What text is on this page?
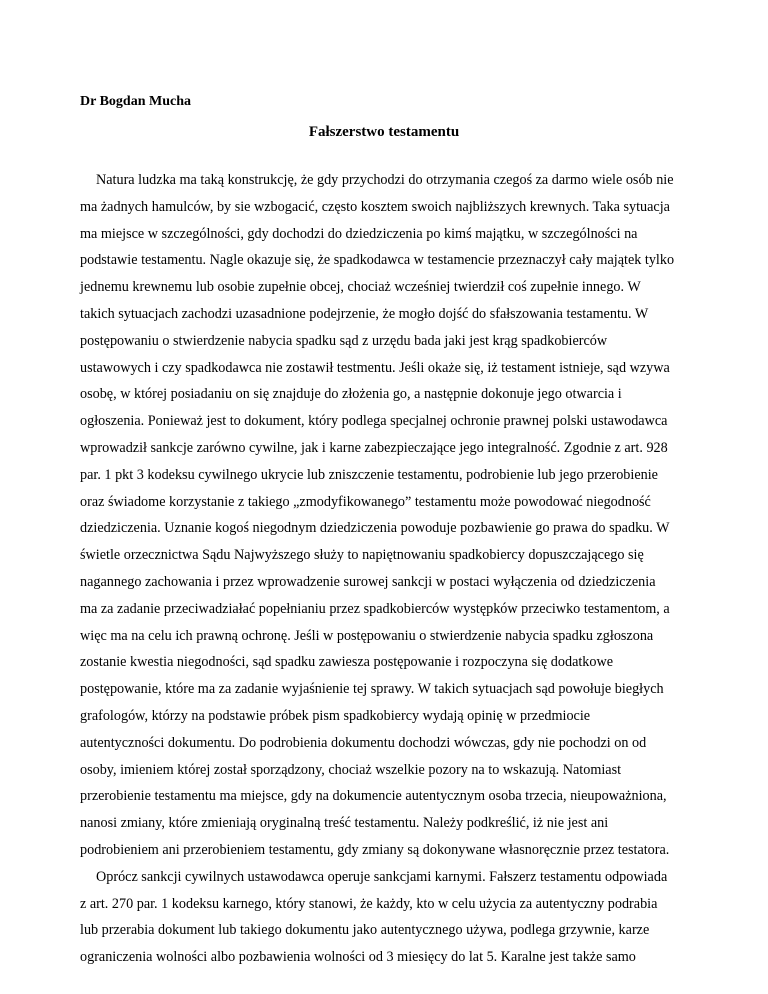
Dr Bogdan Mucha
Fałszerstwo testamentu
Natura ludzka ma taką konstrukcję, że gdy przychodzi do otrzymania czegoś za darmo wiele osób nie
ma żadnych hamulców, by sie wzbogacić, często kosztem swoich najbliższych krewnych. Taka sytuacja
ma miejsce w szczególności, gdy dochodzi do dziedziczenia po kimś majątku, w szczególności na
podstawie testamentu. Nagle okazuje się, że spadkodawca w testamencie przeznaczył cały majątek tylko
jednemu krewnemu lub osobie zupełnie obcej, chociaż wcześniej twierdził coś zupełnie innego. W
takich sytuacjach zachodzi uzasadnione podejrzenie, że mogło dojść do sfałszowania testamentu. W
postępowaniu o stwierdzenie nabycia spadku sąd z urzędu bada jaki jest krąg spadkobierców
ustawowych i czy spadkodawca nie zostawił testmentu. Jeśli okaże się, iż testament istnieje, sąd wzywa
osobę, w której posiadaniu on się znajduje do złożenia go, a następnie dokonuje jego otwarcia i
ogłoszenia. Ponieważ jest to dokument, który podlega specjalnej ochronie prawnej polski ustawodawca
wprowadził sankcje zarówno cywilne, jak i karne zabezpieczające jego integralność. Zgodnie z art. 928
par. 1 pkt 3 kodeksu cywilnego ukrycie lub zniszczenie testamentu, podrobienie lub jego przerobienie
oraz świadome korzystanie z takiego „zmodyfikowanego” testamentu może powodować niegodność
dziedziczenia. Uznanie kogoś niegodnym dziedziczenia powoduje pozbawienie go prawa do spadku. W
świetle orzecznictwa Sądu Najwyższego służy to napiętnowaniu spadkobiercy dopuszczającego się
nagannego zachowania i przez wprowadzenie surowej sankcji w postaci wyłączenia od dziedziczenia
ma za zadanie przeciwadziałać popełnianiu przez spadkobierców występków przeciwko testamentom, a
więc ma na celu ich prawną ochronę. Jeśli w postępowaniu o stwierdzenie nabycia spadku zgłoszona
zostanie kwestia niegodności, sąd spadku zawiesza postępowanie i rozpoczyna się dodatkowe
postępowanie, które ma za zadanie wyjaśnienie tej sprawy. W takich sytuacjach sąd powołuje biegłych
grafologów, którzy na podstawie próbek pism spadkobiercy wydają opinię w przedmiocie
autentyczności dokumentu. Do podrobienia dokumentu dochodzi wówczas, gdy nie pochodzi on od
osoby, imieniem której został sporządzony, chociaż wszelkie pozory na to wskazują. Natomiast
przerobienie testamentu ma miejsce, gdy na dokumencie autentycznym osoba trzecia, nieupoważniona,
nanosi zmiany, które zmieniają oryginalną treść testamentu. Należy podkreślić, iż nie jest ani
podrobieniem ani przerobieniem testamentu, gdy zmiany są dokonywane własnoręcznie przez testatora.
Oprócz sankcji cywilnych ustawodawca operuje sankcjami karnymi. Fałszerz testamentu odpowiada
z art. 270 par. 1 kodeksu karnego, który stanowi, że każdy, kto w celu użycia za autentyczny podrabia
lub przerabia dokument lub takiego dokumentu jako autentycznego używa, podlega grzywnie, karze
ograniczenia wolności albo pozbawienia wolności od 3 miesięcy do lat 5. Karalne jest także samo
